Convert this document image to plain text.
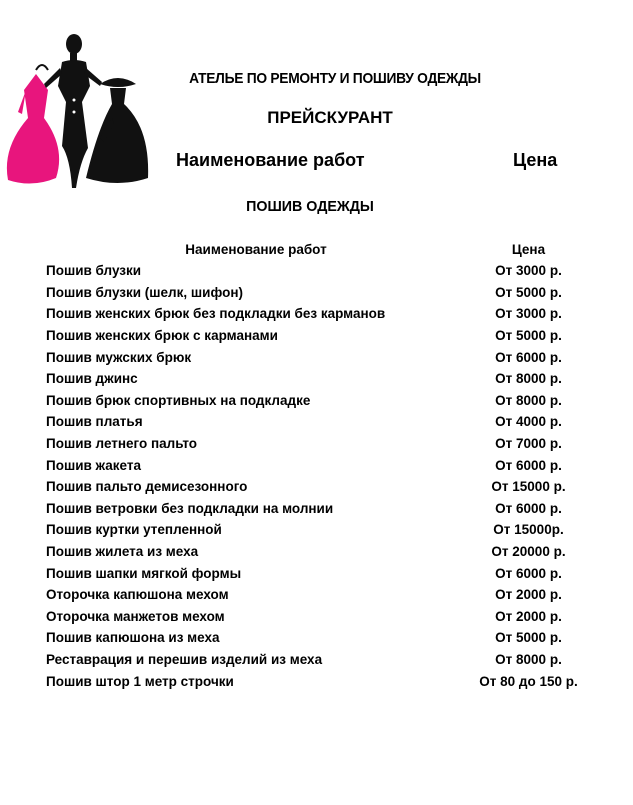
АТЕЛЬЕ ПО РЕМОНТУ И ПОШИВУ ОДЕЖДЫ
ПРЕЙСКУРАНТ
Наименование работ	Цена
ПОШИВ ОДЕЖДЫ
Наименование работ	Цена
Пошив блузки	От 3000 р.
Пошив блузки (шелк, шифон)	От 5000 р.
Пошив женских брюк без подкладки без карманов	От 3000 р.
Пошив женских брюк с карманами	От 5000 р.
Пошив мужских брюк	От 6000 р.
Пошив джинс	От 8000 р.
Пошив брюк спортивных на подкладке	От 8000 р.
Пошив платья	От 4000 р.
Пошив летнего пальто	От 7000 р.
Пошив жакета	От 6000 р.
Пошив пальто демисезонного	От 15000 р.
Пошив ветровки без подкладки на молнии	От 6000 р.
Пошив куртки утепленной	От 15000р.
Пошив жилета из меха	От 20000 р.
Пошив шапки мягкой формы	От 6000 р.
Оторочка капюшона мехом	От 2000 р.
Оторочка манжетов мехом	От 2000 р.
Пошив капюшона из меха	От 5000 р.
Реставрация и перешив изделий из меха	От 8000 р.
Пошив штор 1 метр строчки	От 80 до 150 р.
